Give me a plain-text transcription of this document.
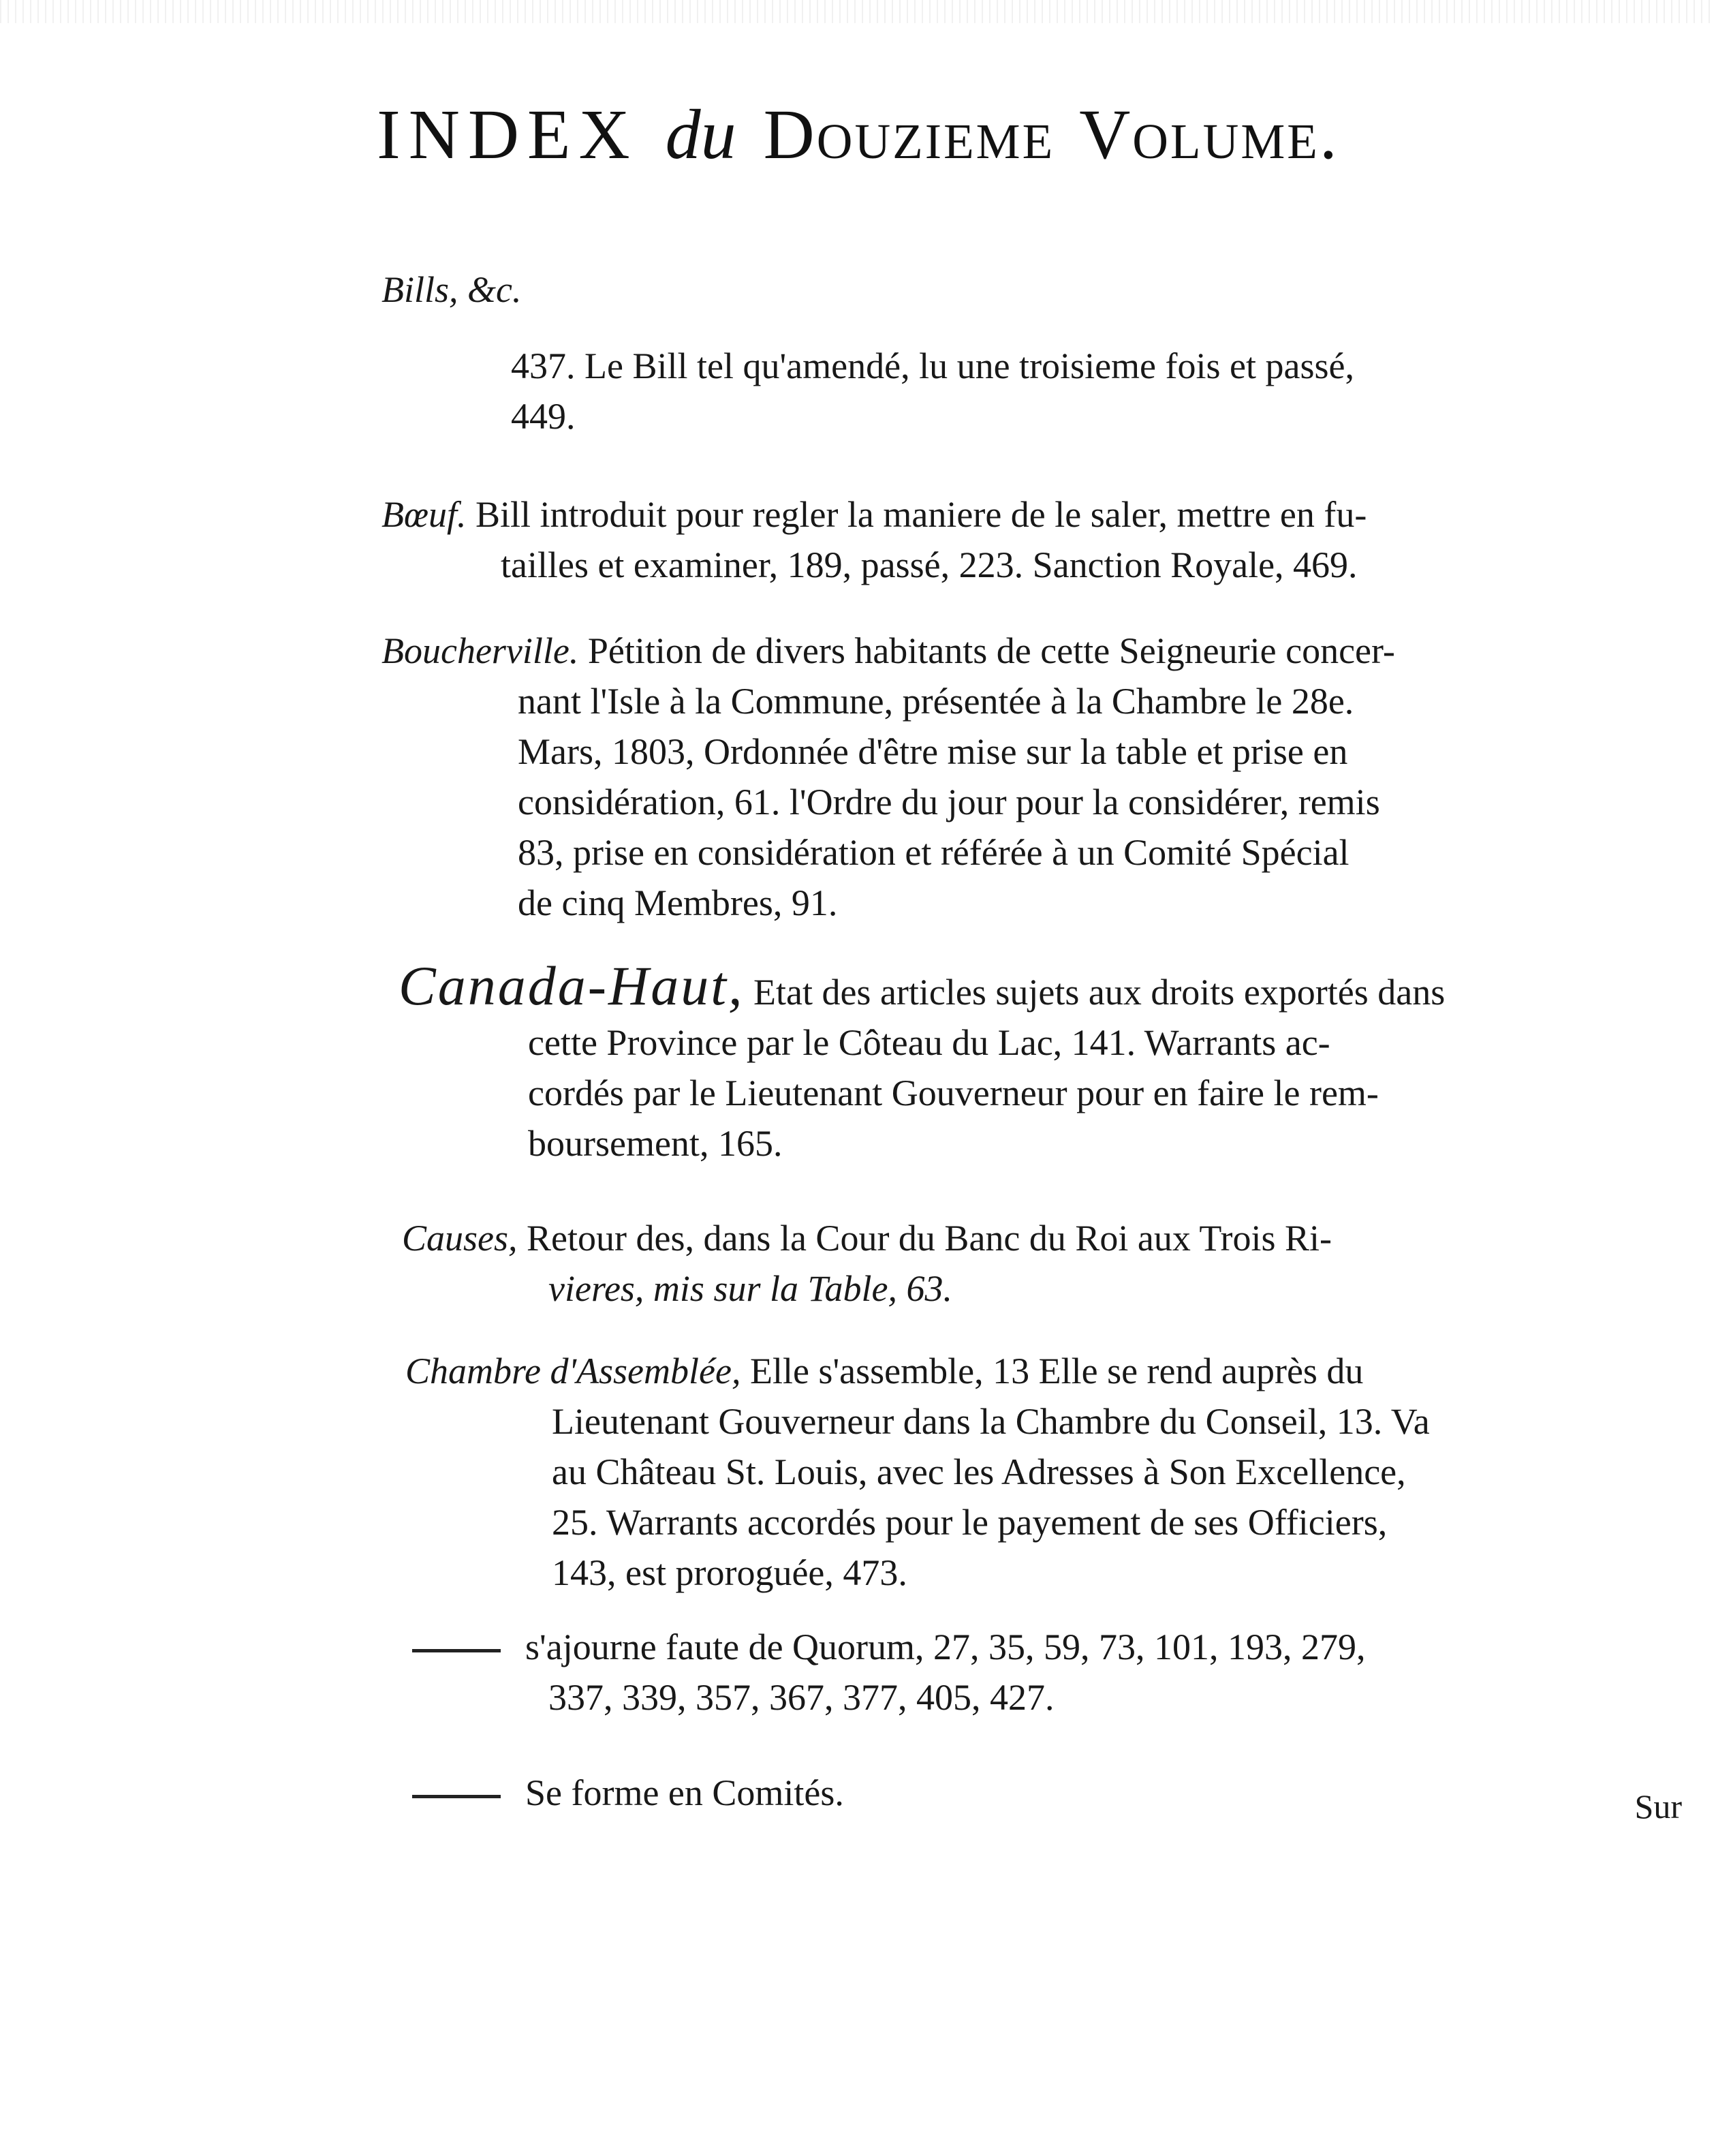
INDEX du Douzieme Volume.
Bills, &c.
437. Le Bill tel qu'amendé, lu une troisieme fois et passé,
449.
Bœuf. Bill introduit pour regler la maniere de le saler, mettre en fu-
tailles et examiner, 189, passé, 223. Sanction Royale, 469.
Boucherville. Pétition de divers habitants de cette Seigneurie concer-
nant l'Isle à la Commune, présentée à la Chambre le 28e.
Mars, 1803, Ordonnée d'être mise sur la table et prise en
considération, 61. l'Ordre du jour pour la considérer, remis
83, prise en considération et référée à un Comité Spécial
de cinq Membres, 91.
Canada-Haut, Etat des articles sujets aux droits exportés dans
cette Province par le Côteau du Lac, 141. Warrants ac-
cordés par le Lieutenant Gouverneur pour en faire le rem-
boursement, 165.
Causes, Retour des, dans la Cour du Banc du Roi aux Trois Ri-
vieres, mis sur la Table, 63.
Chambre d'Assemblée, Elle s'assemble, 13 Elle se rend auprès du
Lieutenant Gouverneur dans la Chambre du Conseil, 13. Va
au Château St. Louis, avec les Adresses à Son Excellence,
25. Warrants accordés pour le payement de ses Officiers,
143, est proroguée, 473.
s'ajourne faute de Quorum, 27, 35, 59, 73, 101, 193, 279,
337, 339, 357, 367, 377, 405, 427.
Se forme en Comités.	Sur
